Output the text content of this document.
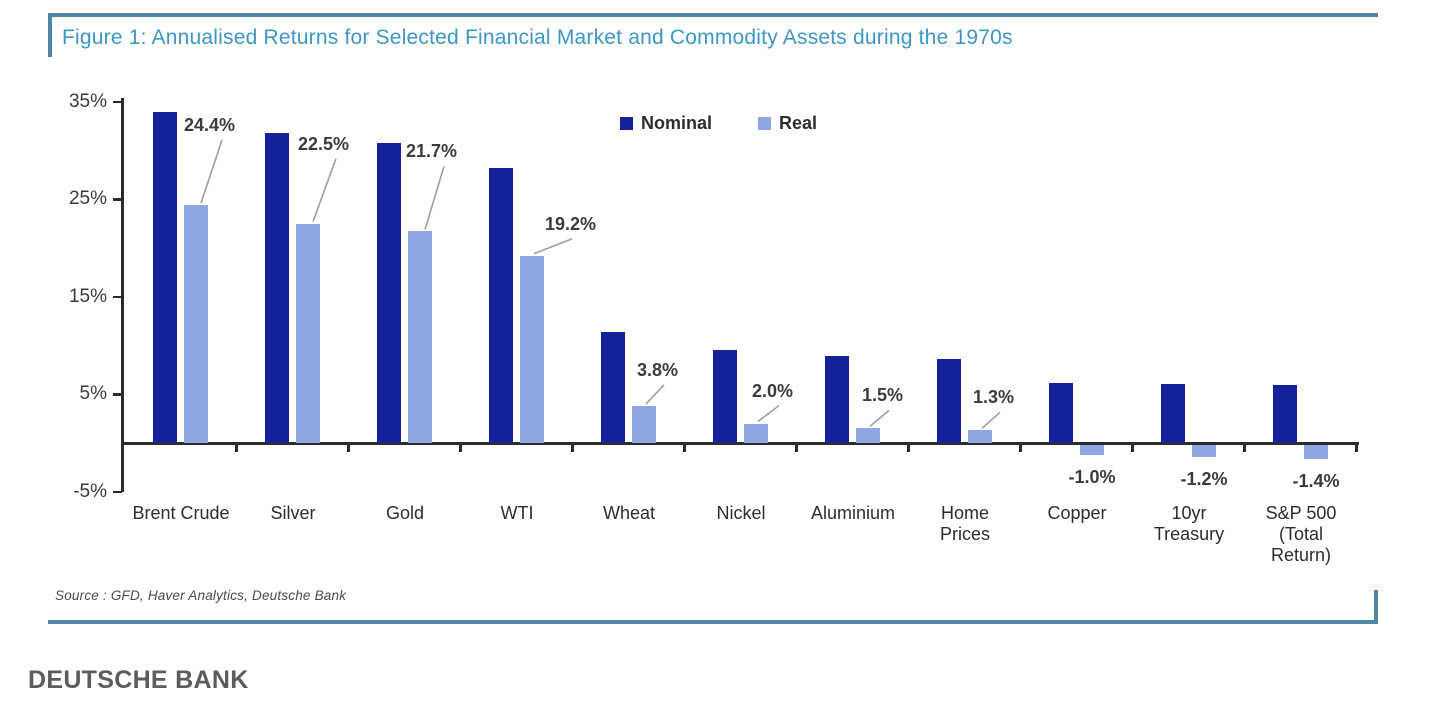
Figure 1: Annualised Returns for Selected Financial Market and Commodity Assets during the 1970s
Nominal	Real
35%
25%
15%
5%
-5%
24.4%
Brent Crude
22.5%
Silver
21.7%
Gold
19.2%
WTI
3.8%
Wheat
2.0%
Nickel
1.5%
Aluminium
1.3%
Home
Prices
-1.0%
Copper
-1.2%
10yr
Treasury
-1.4%
S&P 500
(Total
Return)
Source : GFD, Haver Analytics, Deutsche Bank
DEUTSCHE BANK
